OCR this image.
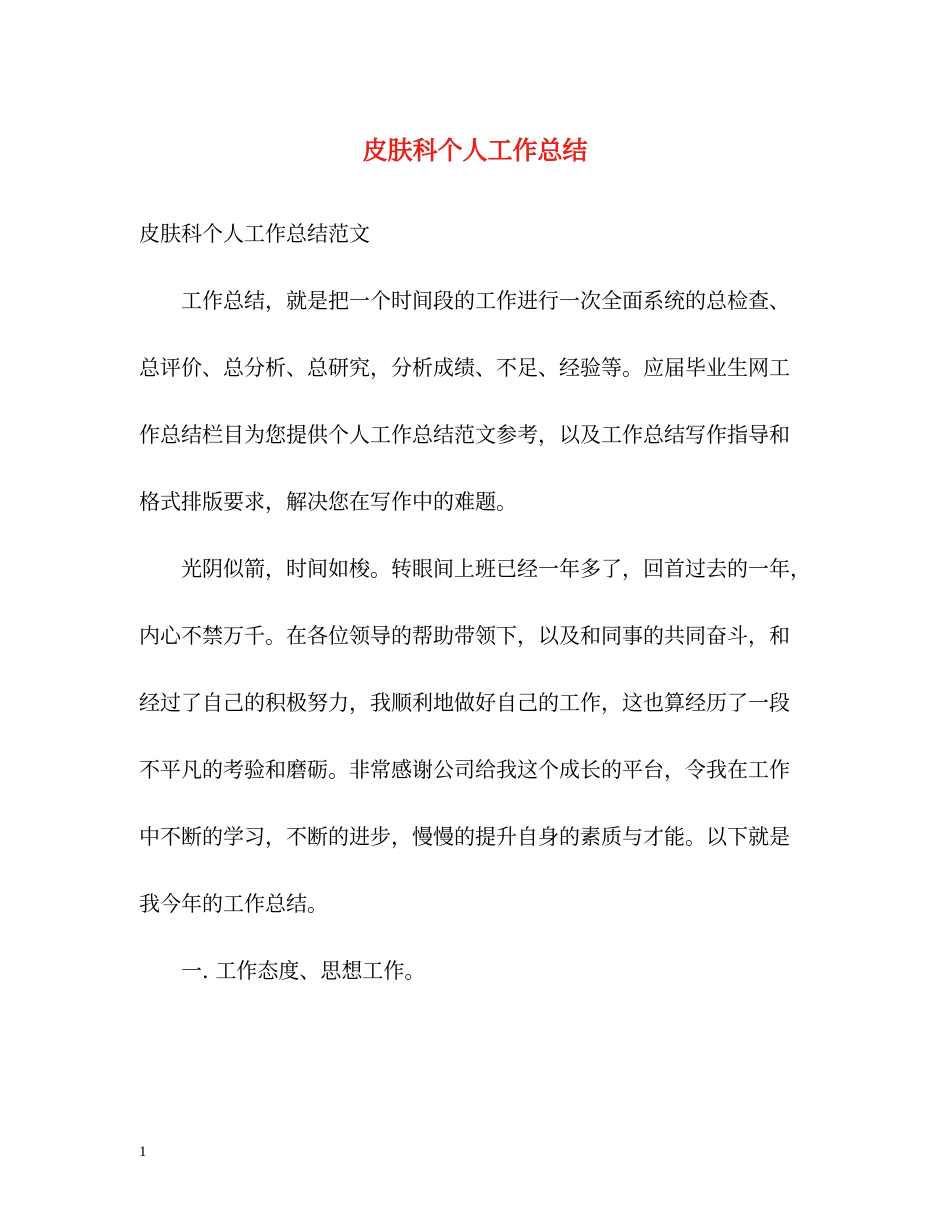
皮肤科个人工作总结

皮肤科个人工作总结范文

　　工作总结，就是把一个时间段的工作进行一次全面系统的总检查、

总评价、总分析、总研究，分析成绩、不足、经验等。应届毕业生网工

作总结栏目为您提供个人工作总结范文参考，以及工作总结写作指导和

格式排版要求，解决您在写作中的难题。

　　光阴似箭，时间如梭。转眼间上班已经一年多了，回首过去的一年，

内心不禁万千。在各位领导的帮助带领下，以及和同事的共同奋斗，和

经过了自己的积极努力，我顺利地做好自己的工作，这也算经历了一段

不平凡的考验和磨砺。非常感谢公司给我这个成长的平台，令我在工作

中不断的学习，不断的进步，慢慢的提升自身的素质与才能。以下就是

我今年的工作总结。

　　一. 工作态度、思想工作。

1
